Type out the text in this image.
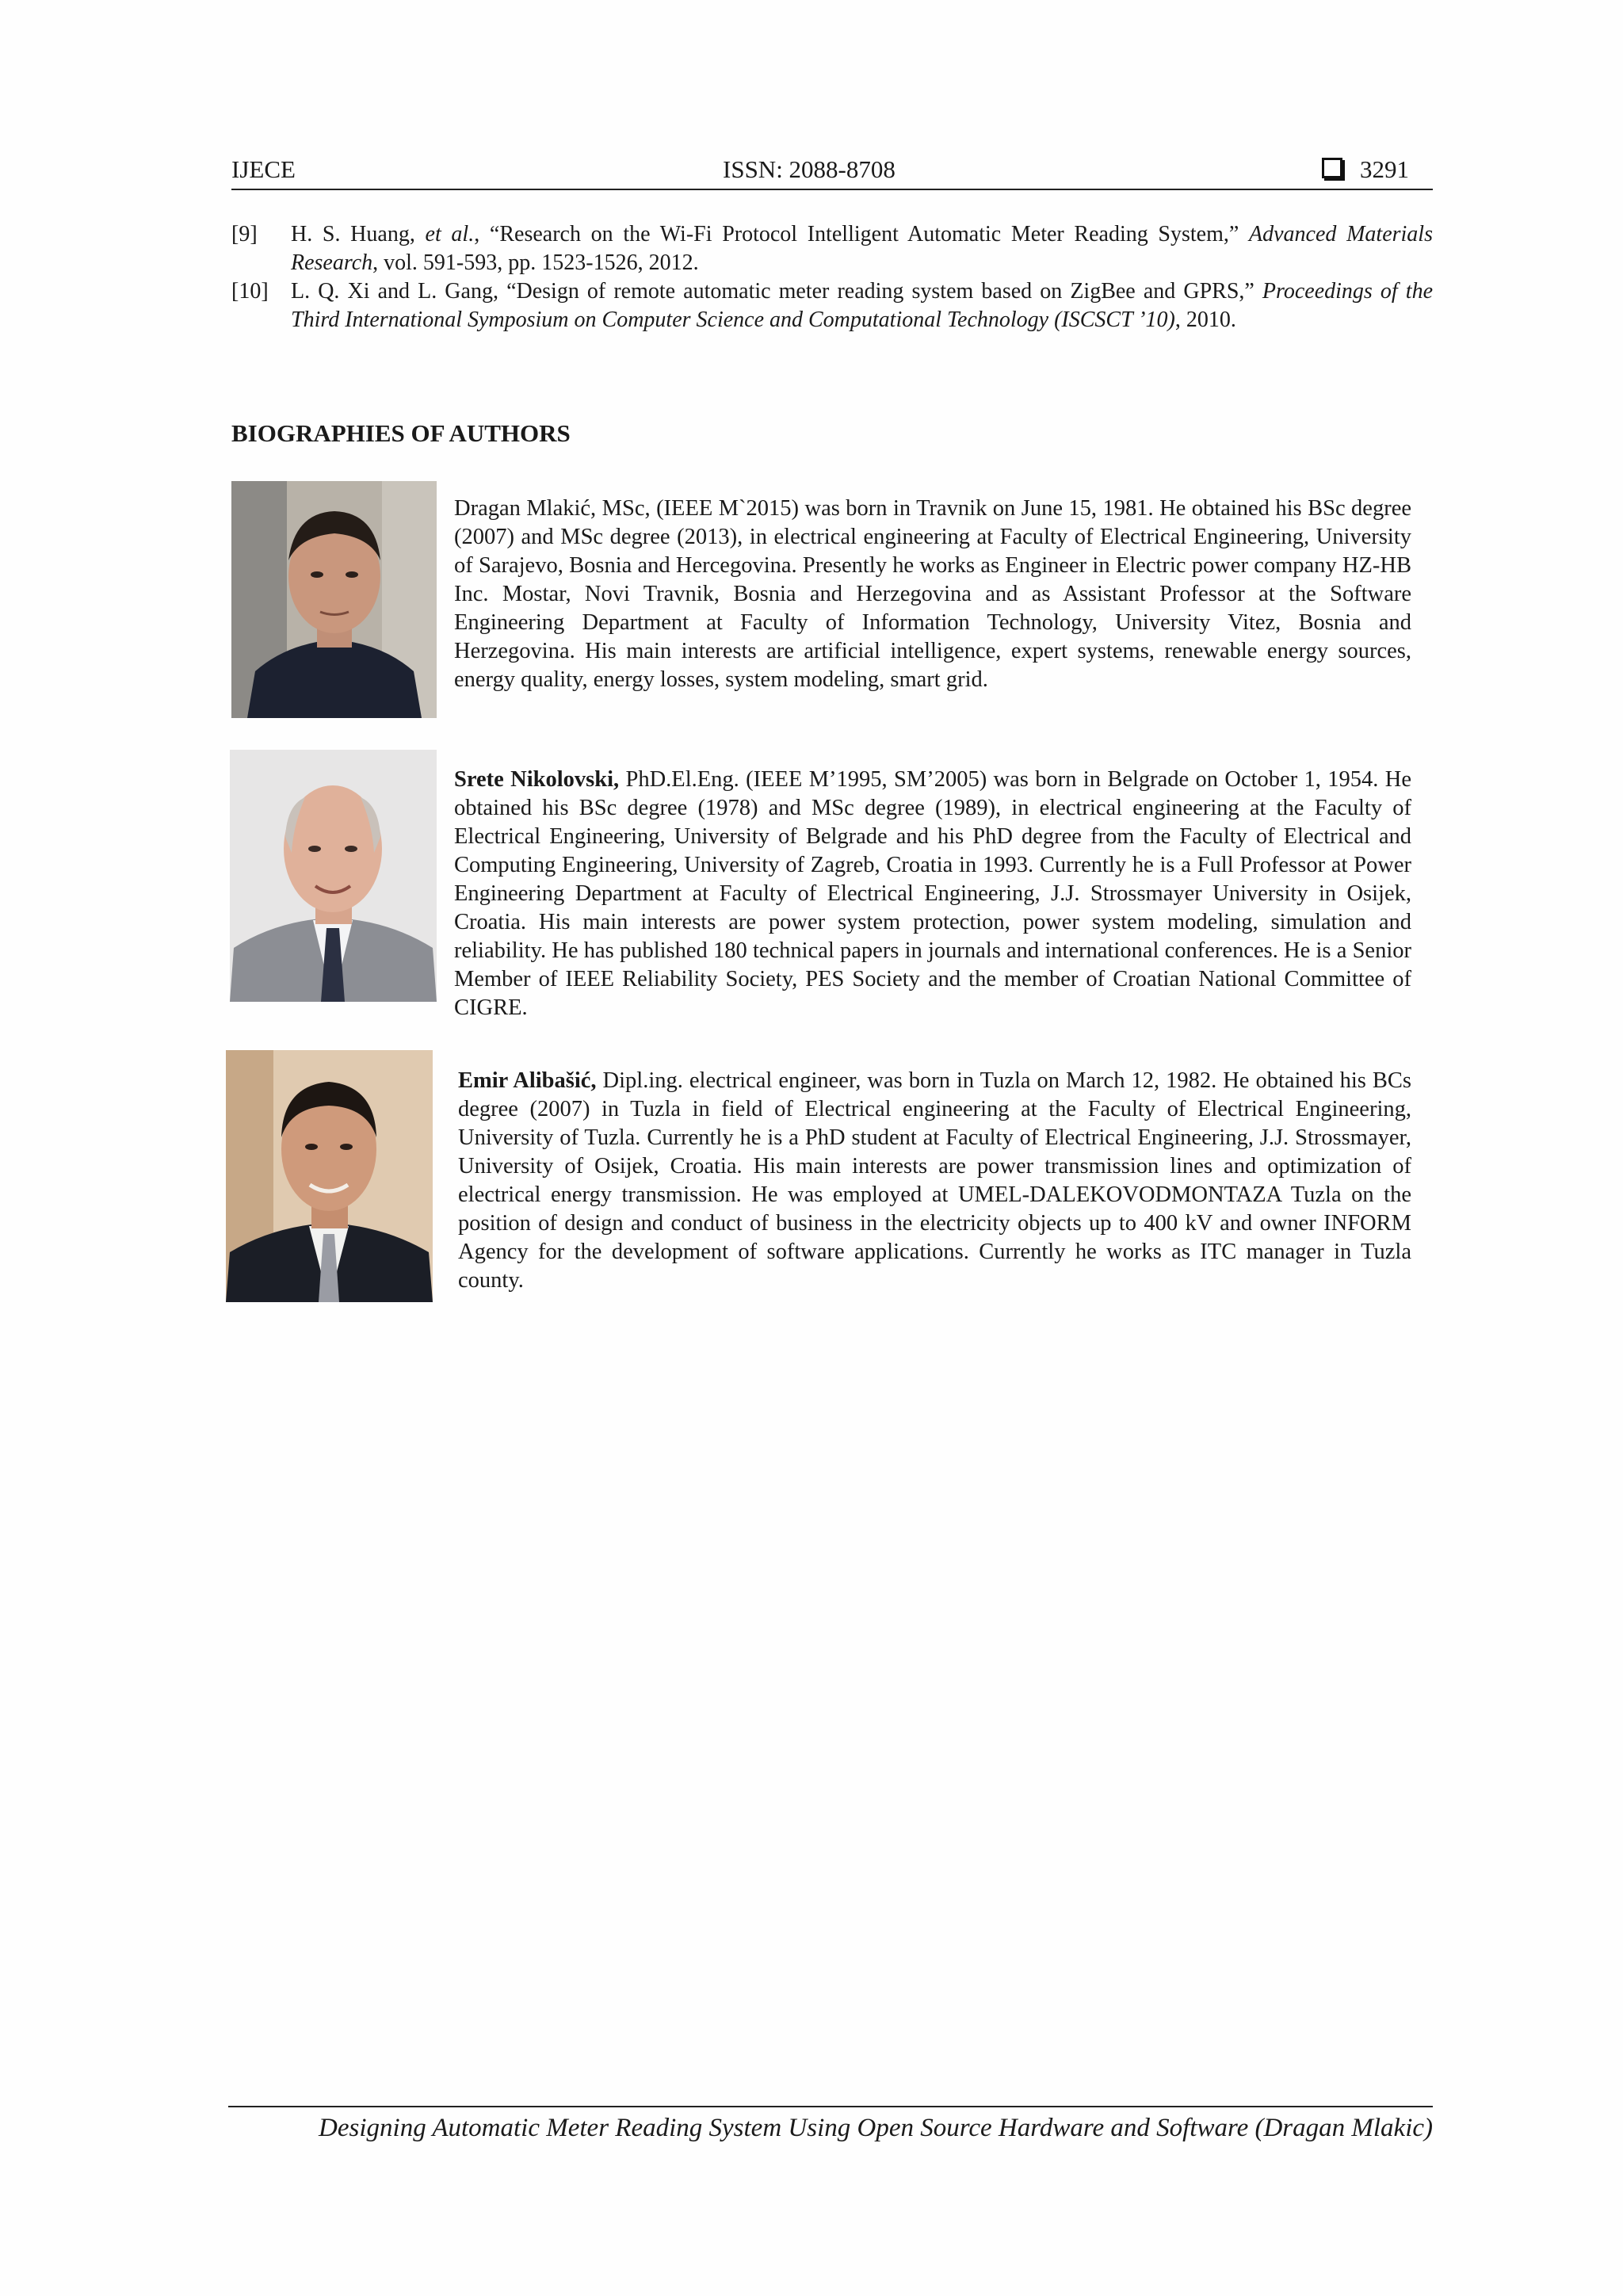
IJECE	ISSN: 2088-8708	3291
[9]	H. S. Huang, et al., “Research on the Wi-Fi Protocol Intelligent Automatic Meter Reading System,” Advanced Materials Research, vol. 591-593, pp. 1523-1526, 2012.
[10]	L. Q. Xi and L. Gang, “Design of remote automatic meter reading system based on ZigBee and GPRS,” Proceedings of the Third International Symposium on Computer Science and Computational Technology (ISCSCT ’10), 2010.
BIOGRAPHIES OF AUTHORS
Dragan Mlakić, MSc, (IEEE M`2015) was born in Travnik on June 15, 1981. He obtained his BSc degree (2007) and MSc degree (2013), in electrical engineering at Faculty of Electrical Engineering, University of Sarajevo, Bosnia and Hercegovina. Presently he works as Engineer in Electric power company HZ-HB Inc. Mostar, Novi Travnik, Bosnia and Herzegovina and as Assistant Professor at the Software Engineering Department at Faculty of Information Technology, University Vitez, Bosnia and Herzegovina. His main interests are artificial intelligence, expert systems, renewable energy sources, energy quality, energy losses, system modeling, smart grid.
Srete Nikolovski, PhD.El.Eng. (IEEE M’1995, SM’2005) was born in Belgrade on October 1, 1954. He obtained his BSc degree (1978) and MSc degree (1989), in electrical engineering at the Faculty of Electrical Engineering, University of Belgrade and his PhD degree from the Faculty of Electrical and Computing Engineering, University of Zagreb, Croatia in 1993. Currently he is a Full Professor at Power Engineering Department at Faculty of Electrical Engineering, J.J. Strossmayer University in Osijek, Croatia. His main interests are power system protection, power system modeling, simulation and reliability. He has published 180 technical papers in journals and international conferences. He is a Senior Member of IEEE Reliability Society, PES Society and the member of Croatian National Committee of CIGRE.
Emir Alibašić, Dipl.ing. electrical engineer, was born in Tuzla on March 12, 1982. He obtained his BCs degree (2007) in Tuzla in field of Electrical engineering at the Faculty of Electrical Engineering, University of Tuzla. Currently he is a PhD student at Faculty of Electrical Engineering, J.J. Strossmayer, University of Osijek, Croatia. His main interests are power transmission lines and optimization of electrical energy transmission. He was employed at UMEL-DALEKOVODMONTAZA Tuzla on the position of design and conduct of business in the electricity objects up to 400 kV and owner INFORM Agency for the development of software applications. Currently he works as ITC manager in Tuzla county.
Designing Automatic Meter Reading System Using Open Source Hardware and Software (Dragan Mlakic)
